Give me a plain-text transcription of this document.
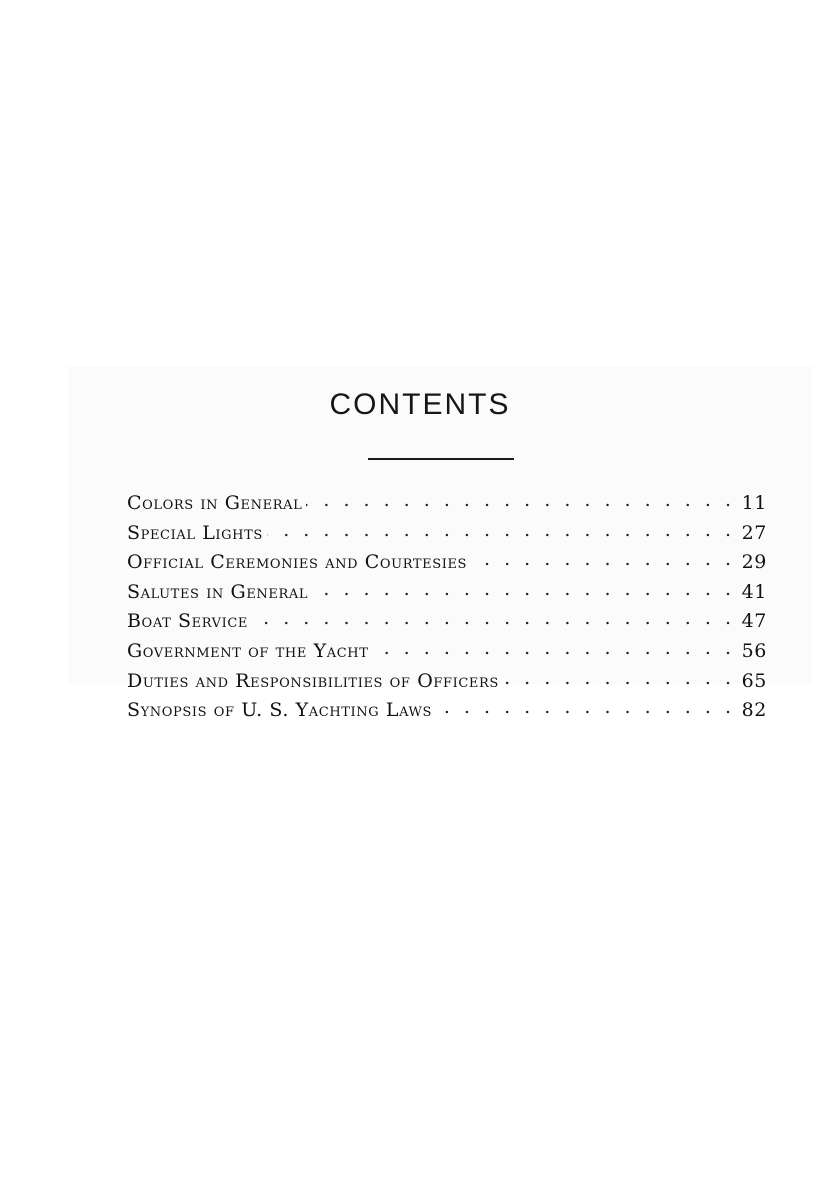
CONTENTS
Colors in General . . .	11
Special Lights . . .	27
Official Ceremonies and Courtesies . . .	29
Salutes in General . . .	41
Boat Service . . .	47
Government of the Yacht . . .	56
Duties and Responsibilities of Officers . . .	65
Synopsis of U. S. Yachting Laws . . .	82
